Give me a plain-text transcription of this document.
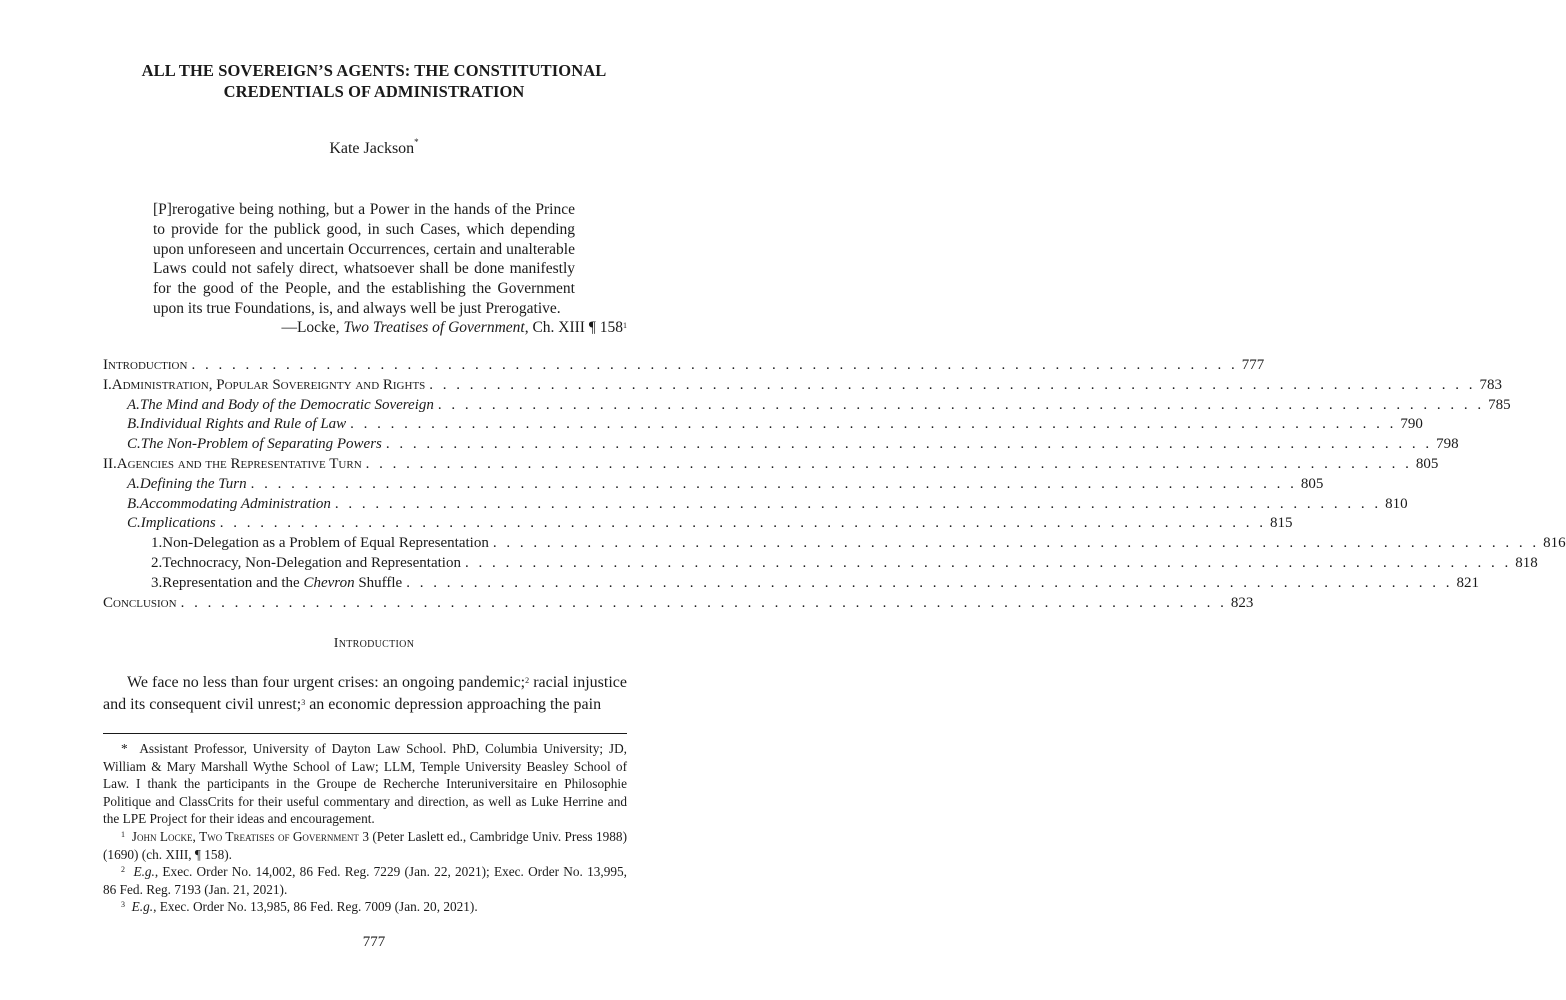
ALL THE SOVEREIGN’S AGENTS: THE CONSTITUTIONAL
CREDENTIALS OF ADMINISTRATION
Kate Jackson*
[P]rerogative being nothing, but a Power in the hands of the Prince to provide for the publick good, in such Cases, which depending upon unforeseen and uncertain Occurrences, certain and unalterable Laws could not safely direct, whatsoever shall be done manifestly for the good of the People, and the establishing the Government upon its true Foundations, is, and always well be just Prerogative.
—Locke, Two Treatises of Government, Ch. XIII ¶ $158^1$
Introduction . . . . . . . . . . . . . . . . . . . . . . . . . . . . . . . . . . . . . . . . . . . . . . . . . . . . . . . . . . . . . . . . . . . . . . . . . . . . . . 777
I. Administration, Popular Sovereignty and Rights . . . . . . . . . . . . . . . . . . . . . . . . . . . . . . . . . . . . . . . . . . . . . . . . . . . . . . . . . . . . . . . . . . . . . . . . . . . . . . 783
A. The Mind and Body of the Democratic Sovereign . . . . . . . . . . . . . . . . . . . . . . . . . . . . . . . . . . . . . . . . . . . . . . . . . . . . . . . . . . . . . . . . . . . . . . . . . . . . . . 785
B. Individual Rights and Rule of Law . . . . . . . . . . . . . . . . . . . . . . . . . . . . . . . . . . . . . . . . . . . . . . . . . . . . . . . . . . . . . . . . . . . . . . . . . . . . . . 790
C. The Non-Problem of Separating Powers . . . . . . . . . . . . . . . . . . . . . . . . . . . . . . . . . . . . . . . . . . . . . . . . . . . . . . . . . . . . . . . . . . . . . . . . . . . . . . 798
II. Agencies and the Representative Turn . . . . . . . . . . . . . . . . . . . . . . . . . . . . . . . . . . . . . . . . . . . . . . . . . . . . . . . . . . . . . . . . . . . . . . . . . . . . . . 805
A. Defining the Turn . . . . . . . . . . . . . . . . . . . . . . . . . . . . . . . . . . . . . . . . . . . . . . . . . . . . . . . . . . . . . . . . . . . . . . . . . . . . . . 805
B. Accommodating Administration . . . . . . . . . . . . . . . . . . . . . . . . . . . . . . . . . . . . . . . . . . . . . . . . . . . . . . . . . . . . . . . . . . . . . . . . . . . . . . 810
C. Implications . . . . . . . . . . . . . . . . . . . . . . . . . . . . . . . . . . . . . . . . . . . . . . . . . . . . . . . . . . . . . . . . . . . . . . . . . . . . . . 815
1. Non-Delegation as a Problem of Equal Representation . . . . . . . . . . . . . . . . . . . . . . . . . . . . . . . . . . . . . . . . . . . . . . . . . . . . . . . . . . . . . . . . . . . . . . . . . . . . . . 816
2. Technocracy, Non-Delegation and Representation . . . . . . . . . . . . . . . . . . . . . . . . . . . . . . . . . . . . . . . . . . . . . . . . . . . . . . . . . . . . . . . . . . . . . . . . . . . . . . 818
3. Representation and the Chevron Shuffle . . . . . . . . . . . . . . . . . . . . . . . . . . . . . . . . . . . . . . . . . . . . . . . . . . . . . . . . . . . . . . . . . . . . . . . . . . . . . . 821
Conclusion . . . . . . . . . . . . . . . . . . . . . . . . . . . . . . . . . . . . . . . . . . . . . . . . . . . . . . . . . . . . . . . . . . . . . . . . . . . . . . 823
Introduction
We face no less than four urgent crises: an ongoing pandemic;$^2$ racial injustice and its consequent civil unrest;$^3$ an economic depression approaching the pain

* Assistant Professor, University of Dayton Law School. PhD, Columbia University; JD, William & Mary Marshall Wythe School of Law; LLM, Temple University Beasley School of Law. I thank the participants in the Groupe de Recherche Interuniversitaire en Philosophie Politique and ClassCrits for their useful commentary and direction, as well as Luke Herrine and the LPE Project for their ideas and encouragement.

$^1$ John Locke, Two Treatises of Government 3 (Peter Laslett ed., Cambridge Univ. Press 1988) (1690) (ch. XIII, ¶ 158).

$^2$ E.g., Exec. Order No. 14,002, 86 Fed. Reg. 7229 (Jan. 22, 2021); Exec. Order No. 13,995, 86 Fed. Reg. 7193 (Jan. 21, 2021).

$^3$ E.g., Exec. Order No. 13,985, 86 Fed. Reg. 7009 (Jan. 20, 2021).

777
